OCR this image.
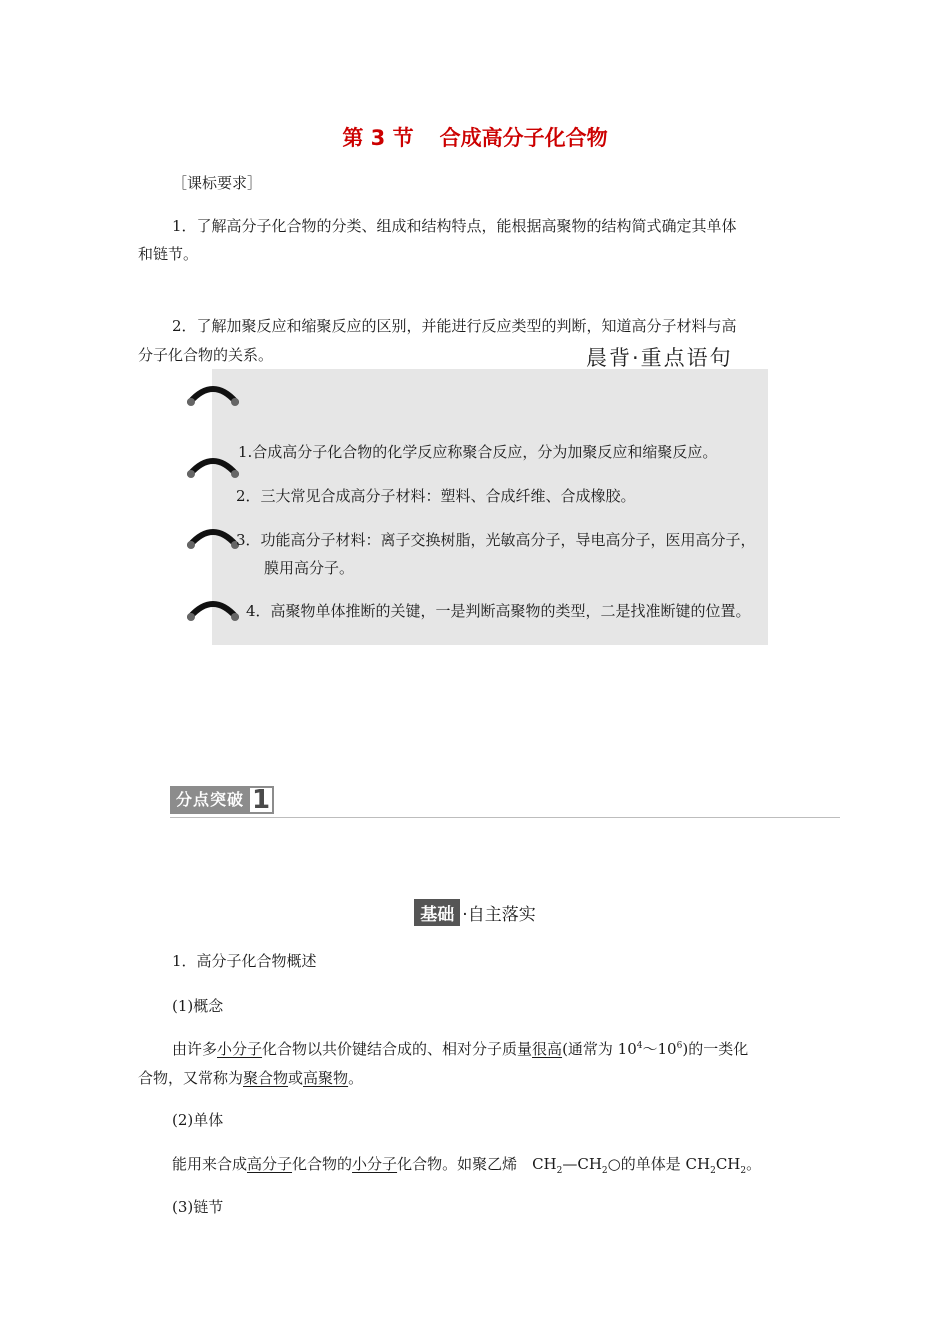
第 3 节 合成高分子化合物
［课标要求］
1．了解高分子化合物的分类、组成和结构特点，能根据高聚物的结构简式确定其单体
和链节。
2．了解加聚反应和缩聚反应的区别，并能进行反应类型的判断，知道高分子材料与高
分子化合物的关系。	晨背·重点语句
1.合成高分子化合物的化学反应称聚合反应，分为加聚反应和缩聚反应。
2．三大常见合成高分子材料：塑料、合成纤维、合成橡胶。
3．功能高分子材料：离子交换树脂，光敏高分子，导电高分子，医用高分子，
膜用高分子。
4．高聚物单体推断的关键，一是判断高聚物的类型，二是找准断键的位置。
分点突破 1
基础 ·自主落实
1．高分子化合物概述
(1)概念
由许多小分子化合物以共价键结合成的、相对分子质量很高(通常为 $10^4\sim 10^6$)的一类化
合物，又常称为聚合物或高聚物。
(2)单体
能用来合成高分子化合物的小分子化合物。如聚乙烯　$CH_2—CH_2○$的单体是 $CH_2CH_2$。
(3)链节
